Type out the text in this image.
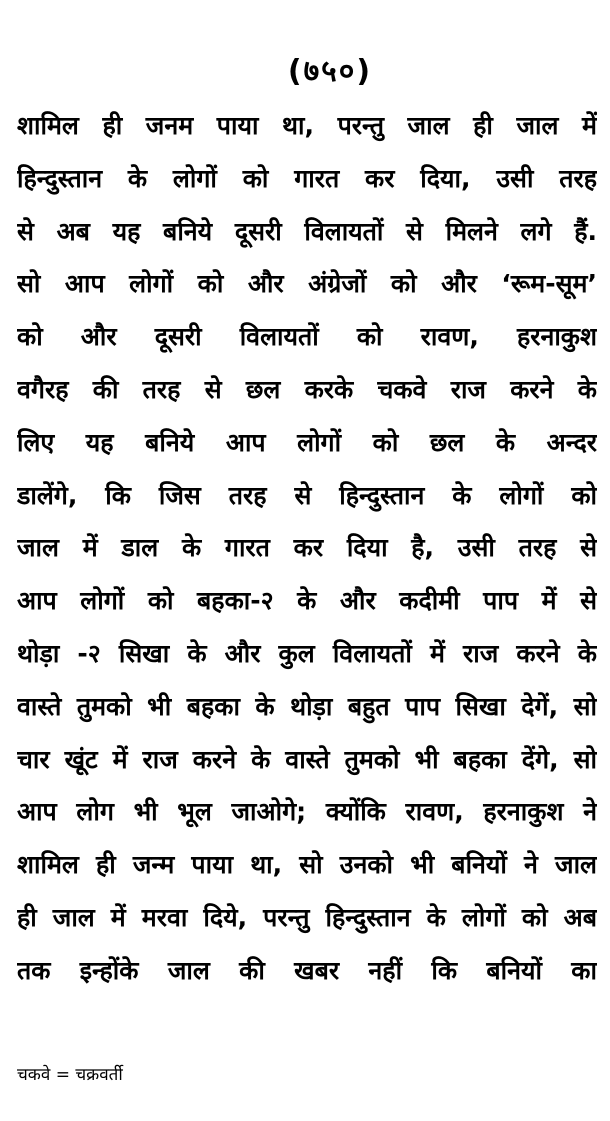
(७५०)
शामिल ही जनम पाया था, परन्तु जाल ही जाल में
हिन्दुस्तान के लोगों को गारत कर दिया, उसी तरह
से अब यह बनिये दूसरी विलायतों से मिलने लगे हैं.
सो आप लोगों को और अंग्रेजों को और ‘रूम-सूम’
को और दूसरी विलायतों को रावण, हरनाकुश
वगैरह की तरह से छल करके चकवे राज करने के
लिए यह बनिये आप लोगों को छल के अन्दर
डालेंगे, कि जिस तरह से हिन्दुस्तान के लोगों को
जाल में डाल के गारत कर दिया है, उसी तरह से
आप लोगों को बहका-२ के और कदीमी पाप में से
थोड़ा -२ सिखा के और कुल विलायतों में राज करने के
वास्ते तुमको भी बहका के थोड़ा बहुत पाप सिखा देगें, सो
चार खूंट में राज करने के वास्ते तुमको भी बहका देंगे, सो
आप लोग भी भूल जाओगे; क्योंकि रावण, हरनाकुश ने
शामिल ही जन्म पाया था, सो उनको भी बनियों ने जाल
ही जाल में मरवा दिये, परन्तु हिन्दुस्तान के लोगों को अब
तक इन्होंके जाल की खबर नहीं कि बनियों का
चकवे = चक्रवर्ती
